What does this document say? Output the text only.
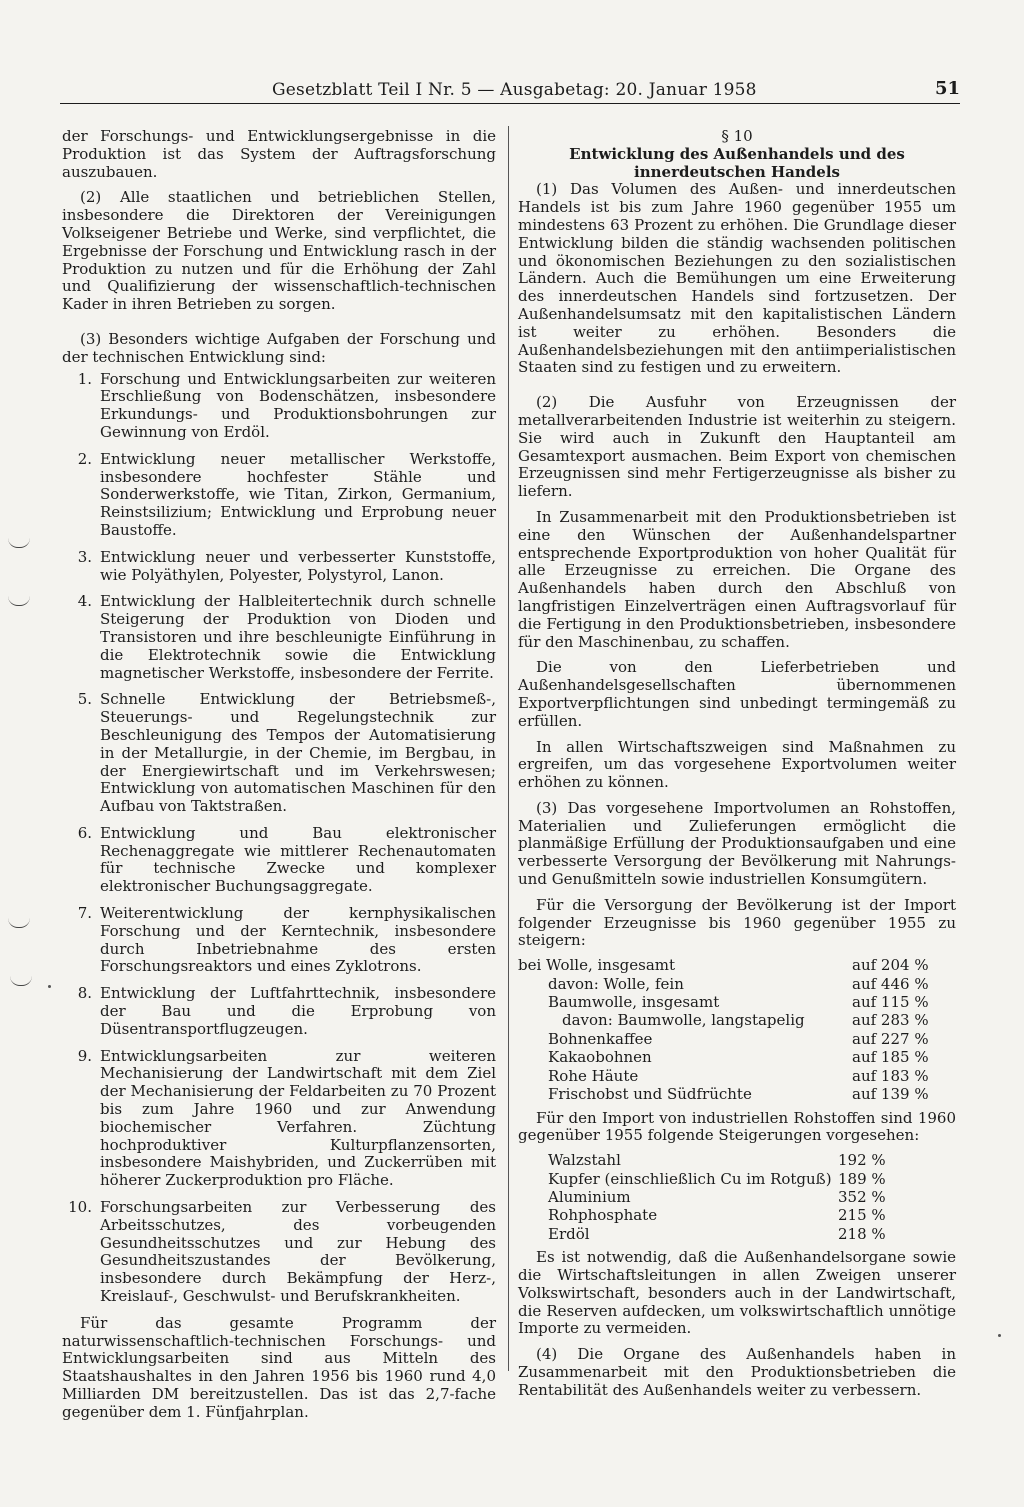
Gesetzblatt Teil I Nr. 5 — Ausgabetag: 20. Januar 1958	51

der Forschungs- und Entwicklungsergebnisse in die Produktion ist das System der Auftragsforschung auszubauen.

(2) Alle staatlichen und betrieblichen Stellen, insbesondere die Direktoren der Vereinigungen Volkseigener Betriebe und Werke, sind verpflichtet, die Ergebnisse der Forschung und Entwicklung rasch in der Produktion zu nutzen und für die Erhöhung der Zahl und Qualifizierung der wissenschaftlich-technischen Kader in ihren Betrieben zu sorgen.

(3) Besonders wichtige Aufgaben der Forschung und der technischen Entwicklung sind:

1. Forschung und Entwicklungsarbeiten zur weiteren Erschließung von Bodenschätzen, insbesondere Erkundungs- und Produktionsbohrungen zur Gewinnung von Erdöl.
2. Entwicklung neuer metallischer Werkstoffe, insbesondere hochfester Stähle und Sonderwerkstoffe, wie Titan, Zirkon, Germanium, Reinstsilizium; Entwicklung und Erprobung neuer Baustoffe.
3. Entwicklung neuer und verbesserter Kunststoffe, wie Polyäthylen, Polyester, Polystyrol, Lanon.
4. Entwicklung der Halbleitertechnik durch schnelle Steigerung der Produktion von Dioden und Transistoren und ihre beschleunigte Einführung in die Elektrotechnik sowie die Entwicklung magnetischer Werkstoffe, insbesondere der Ferrite.
5. Schnelle Entwicklung der Betriebsmeß-, Steuerungs- und Regelungstechnik zur Beschleunigung des Tempos der Automatisierung in der Metallurgie, in der Chemie, im Bergbau, in der Energiewirtschaft und im Verkehrswesen; Entwicklung von automatischen Maschinen für den Aufbau von Taktstraßen.
6. Entwicklung und Bau elektronischer Rechenaggregate wie mittlerer Rechenautomaten für technische Zwecke und komplexer elektronischer Buchungsaggregate.
7. Weiterentwicklung der kernphysikalischen Forschung und der Kerntechnik, insbesondere durch Inbetriebnahme des ersten Forschungsreaktors und eines Zyklotrons.
8. Entwicklung der Luftfahrttechnik, insbesondere der Bau und die Erprobung von Düsentransportflugzeugen.
9. Entwicklungsarbeiten zur weiteren Mechanisierung der Landwirtschaft mit dem Ziel der Mechanisierung der Feldarbeiten zu 70 Prozent bis zum Jahre 1960 und zur Anwendung biochemischer Verfahren. Züchtung hochproduktiver Kulturpflanzensorten, insbesondere Maishybriden, und Zuckerrüben mit höherer Zuckerproduktion pro Fläche.
10. Forschungsarbeiten zur Verbesserung des Arbeitsschutzes, des vorbeugenden Gesundheitsschutzes und zur Hebung des Gesundheitszustandes der Bevölkerung, insbesondere durch Bekämpfung der Herz-, Kreislauf-, Geschwulst- und Berufskrankheiten.

Für das gesamte Programm der naturwissenschaftlich-technischen Forschungs- und Entwicklungsarbeiten sind aus Mitteln des Staatshaushaltes in den Jahren 1956 bis 1960 rund 4,0 Milliarden DM bereitzustellen. Das ist das 2,7-fache gegenüber dem 1. Fünfjahrplan.

§ 10
Entwicklung des Außenhandels und des innerdeutschen Handels

(1) Das Volumen des Außen- und innerdeutschen Handels ist bis zum Jahre 1960 gegenüber 1955 um mindestens 63 Prozent zu erhöhen. Die Grundlage dieser Entwicklung bilden die ständig wachsenden politischen und ökonomischen Beziehungen zu den sozialistischen Ländern. Auch die Bemühungen um eine Erweiterung des innerdeutschen Handels sind fortzusetzen. Der Außenhandelsumsatz mit den kapitalistischen Ländern ist weiter zu erhöhen. Besonders die Außenhandelsbeziehungen mit den antiimperialistischen Staaten sind zu festigen und zu erweitern.

(2) Die Ausfuhr von Erzeugnissen der metallverarbeitenden Industrie ist weiterhin zu steigern. Sie wird auch in Zukunft den Hauptanteil am Gesamtexport ausmachen. Beim Export von chemischen Erzeugnissen sind mehr Fertigerzeugnisse als bisher zu liefern.

In Zusammenarbeit mit den Produktionsbetrieben ist eine den Wünschen der Außenhandelspartner entsprechende Exportproduktion von hoher Qualität für alle Erzeugnisse zu erreichen. Die Organe des Außenhandels haben durch den Abschluß von langfristigen Einzelverträgen einen Auftragsvorlauf für die Fertigung in den Produktionsbetrieben, insbesondere für den Maschinenbau, zu schaffen.

Die von den Lieferbetrieben und Außenhandelsgesellschaften übernommenen Exportverpflichtungen sind unbedingt termingemäß zu erfüllen.

In allen Wirtschaftszweigen sind Maßnahmen zu ergreifen, um das vorgesehene Exportvolumen weiter erhöhen zu können.

(3) Das vorgesehene Importvolumen an Rohstoffen, Materialien und Zulieferungen ermöglicht die planmäßige Erfüllung der Produktionsaufgaben und eine verbesserte Versorgung der Bevölkerung mit Nahrungs- und Genußmitteln sowie industriellen Konsumgütern.

Für die Versorgung der Bevölkerung ist der Import folgender Erzeugnisse bis 1960 gegenüber 1955 zu steigern:

bei Wolle, insgesamt	auf 204 %
davon: Wolle, fein	auf 446 %
Baumwolle, insgesamt	auf 115 %
davon: Baumwolle, langstapelig	auf 283 %
Bohnenkaffee	auf 227 %
Kakaobohnen	auf 185 %
Rohe Häute	auf 183 %
Frischobst und Südfrüchte	auf 139 %

Für den Import von industriellen Rohstoffen sind 1960 gegenüber 1955 folgende Steigerungen vorgesehen:

Walzstahl	192 %
Kupfer (einschließlich Cu im Rotguß)	189 %
Aluminium	352 %
Rohphosphate	215 %
Erdöl	218 %

Es ist notwendig, daß die Außenhandelsorgane sowie die Wirtschaftsleitungen in allen Zweigen unserer Volkswirtschaft, besonders auch in der Landwirtschaft, die Reserven aufdecken, um volkswirtschaftlich unnötige Importe zu vermeiden.

(4) Die Organe des Außenhandels haben in Zusammenarbeit mit den Produktionsbetrieben die Rentabilität des Außenhandels weiter zu verbessern.
